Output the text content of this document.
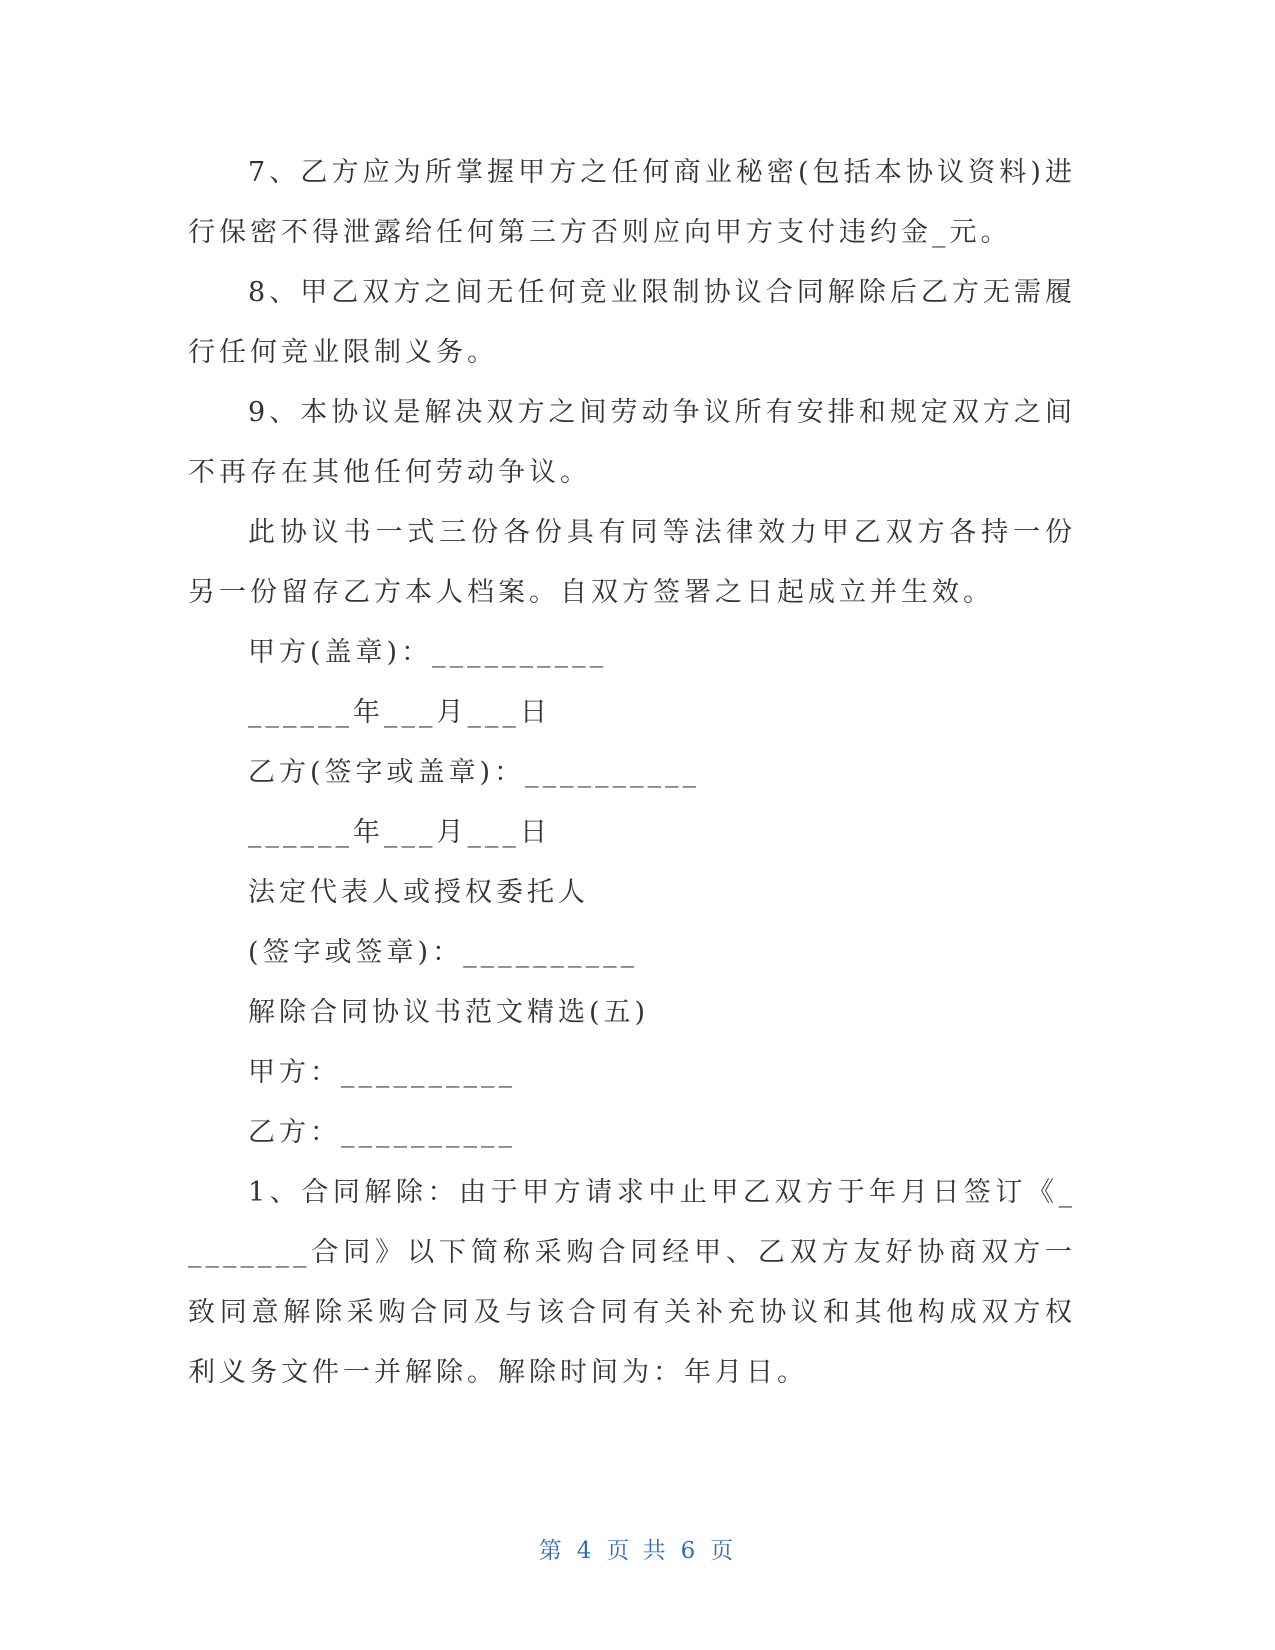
7、乙方应为所掌握甲方之任何商业秘密(包括本协议资料)进行保密不得泄露给任何第三方否则应向甲方支付违约金_元。

8、甲乙双方之间无任何竞业限制协议合同解除后乙方无需履行任何竞业限制义务。

9、本协议是解决双方之间劳动争议所有安排和规定双方之间不再存在其他任何劳动争议。

此协议书一式三份各份具有同等法律效力甲乙双方各持一份另一份留存乙方本人档案。自双方签署之日起成立并生效。

甲方(盖章)：__________

______年___月___日

乙方(签字或盖章)：__________

______年___月___日

法定代表人或授权委托人

(签字或签章)：__________

解除合同协议书范文精选(五)

甲方：__________

乙方：__________

1、合同解除：由于甲方请求中止甲乙双方于年月日签订《________合同》以下简称采购合同经甲、乙双方友好协商双方一致同意解除采购合同及与该合同有关补充协议和其他构成双方权利义务文件一并解除。解除时间为：年月日。

第 4 页 共 6 页
